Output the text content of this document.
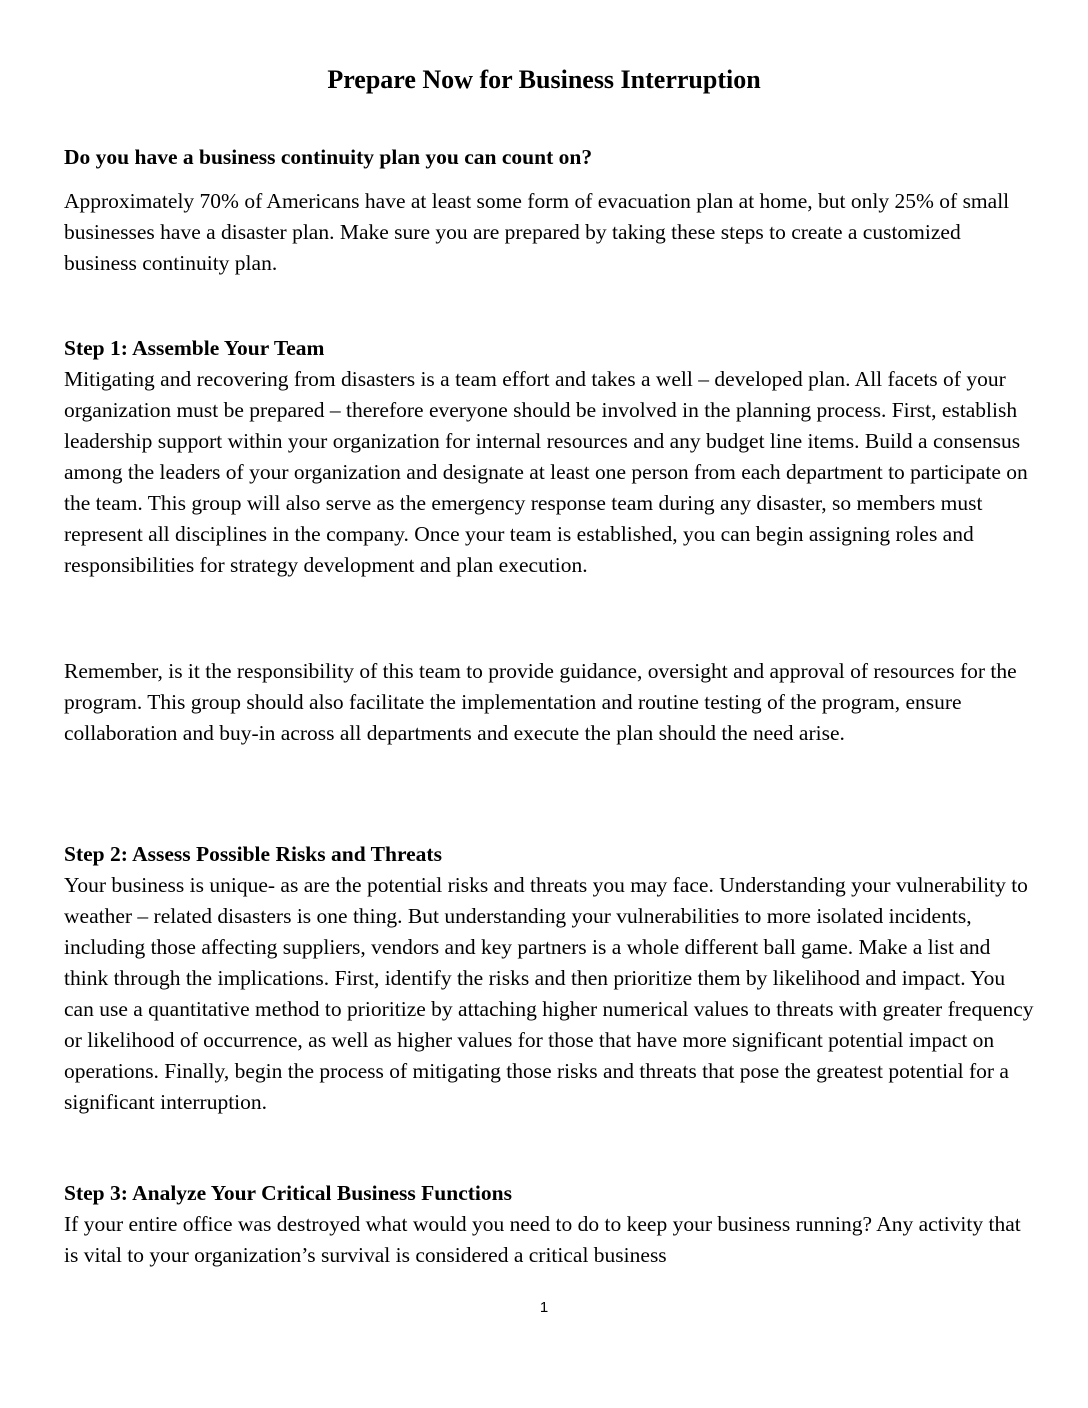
Prepare Now for Business Interruption
Do you have a business continuity plan you can count on?
Approximately 70% of Americans have at least some form of evacuation plan at home, but only 25% of small businesses have a disaster plan. Make sure you are prepared by taking these steps to create a customized business continuity plan.
Step 1: Assemble Your Team
Mitigating and recovering from disasters is a team effort and takes a well – developed plan. All facets of your organization must be prepared – therefore everyone should be involved in the planning process. First, establish leadership support within your organization for internal resources and any budget line items. Build a consensus among the leaders of your organization and designate at least one person from each department to participate on the team. This group will also serve as the emergency response team during any disaster, so members must represent all disciplines in the company. Once your team is established, you can begin assigning roles and responsibilities for strategy development and plan execution.
Remember, is it the responsibility of this team to provide guidance, oversight and approval of resources for the program. This group should also facilitate the implementation and routine testing of the program, ensure collaboration and buy-in across all departments and execute the plan should the need arise.
Step 2: Assess Possible Risks and Threats
Your business is unique- as are the potential risks and threats you may face. Understanding your vulnerability to weather – related disasters is one thing. But understanding your vulnerabilities to more isolated incidents, including those affecting suppliers, vendors and key partners is a whole different ball game. Make a list and think through the implications. First, identify the risks and then prioritize them by likelihood and impact. You can use a quantitative method to prioritize by attaching higher numerical values to threats with greater frequency or likelihood of occurrence, as well as higher values for those that have more significant potential impact on operations. Finally, begin the process of mitigating those risks and threats that pose the greatest potential for a significant interruption.
Step 3: Analyze Your Critical Business Functions
If your entire office was destroyed what would you need to do to keep your business running? Any activity that is vital to your organization’s survival is considered a critical business
1
